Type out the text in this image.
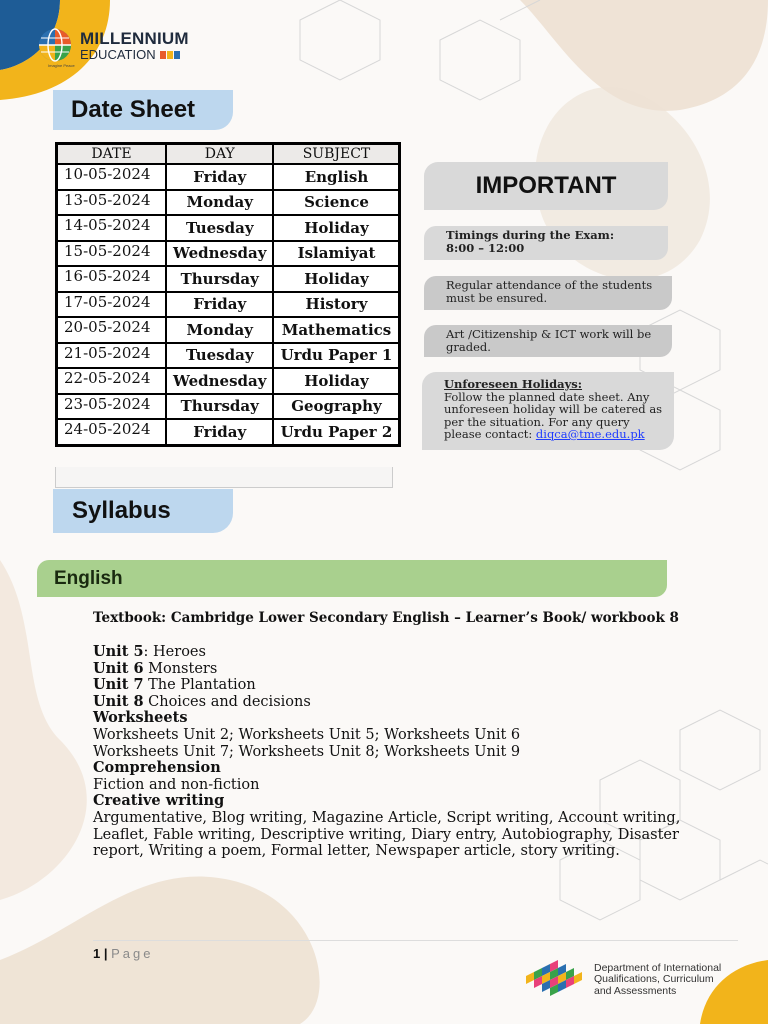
MILLENNIUM
EDUCATION
Imagine Peace
Date Sheet
DATE	DAY	SUBJECT
10-05-2024	Friday	English
13-05-2024	Monday	Science
14-05-2024	Tuesday	Holiday
15-05-2024	Wednesday	Islamiyat
16-05-2024	Thursday	Holiday
17-05-2024	Friday	History
20-05-2024	Monday	Mathematics
21-05-2024	Tuesday	Urdu Paper 1
22-05-2024	Wednesday	Holiday
23-05-2024	Thursday	Geography
24-05-2024	Friday	Urdu Paper 2
IMPORTANT
Timings during the Exam:
8:00 – 12:00
Regular attendance of the students must be ensured.
Art /Citizenship & ICT work will be graded.
Unforeseen Holidays:
Follow the planned date sheet. Any unforeseen holiday will be catered as per the situation. For any query please contact: diqca@tme.edu.pk
Syllabus
English
Textbook: Cambridge Lower Secondary English – Learner’s Book/ workbook 8
Unit 5: Heroes
Unit 6 Monsters
Unit 7 The Plantation
Unit 8 Choices and decisions
Worksheets
Worksheets Unit 2; Worksheets Unit 5; Worksheets Unit 6
Worksheets Unit 7; Worksheets Unit 8; Worksheets Unit 9
Comprehension
Fiction and non-fiction
Creative writing
Argumentative, Blog writing, Magazine Article, Script writing, Account writing,
Leaflet, Fable writing, Descriptive writing, Diary entry, Autobiography, Disaster
report, Writing a poem, Formal letter, Newspaper article, story writing.
1 | Page
Department of International
Qualifications, Curriculum
and Assessments
